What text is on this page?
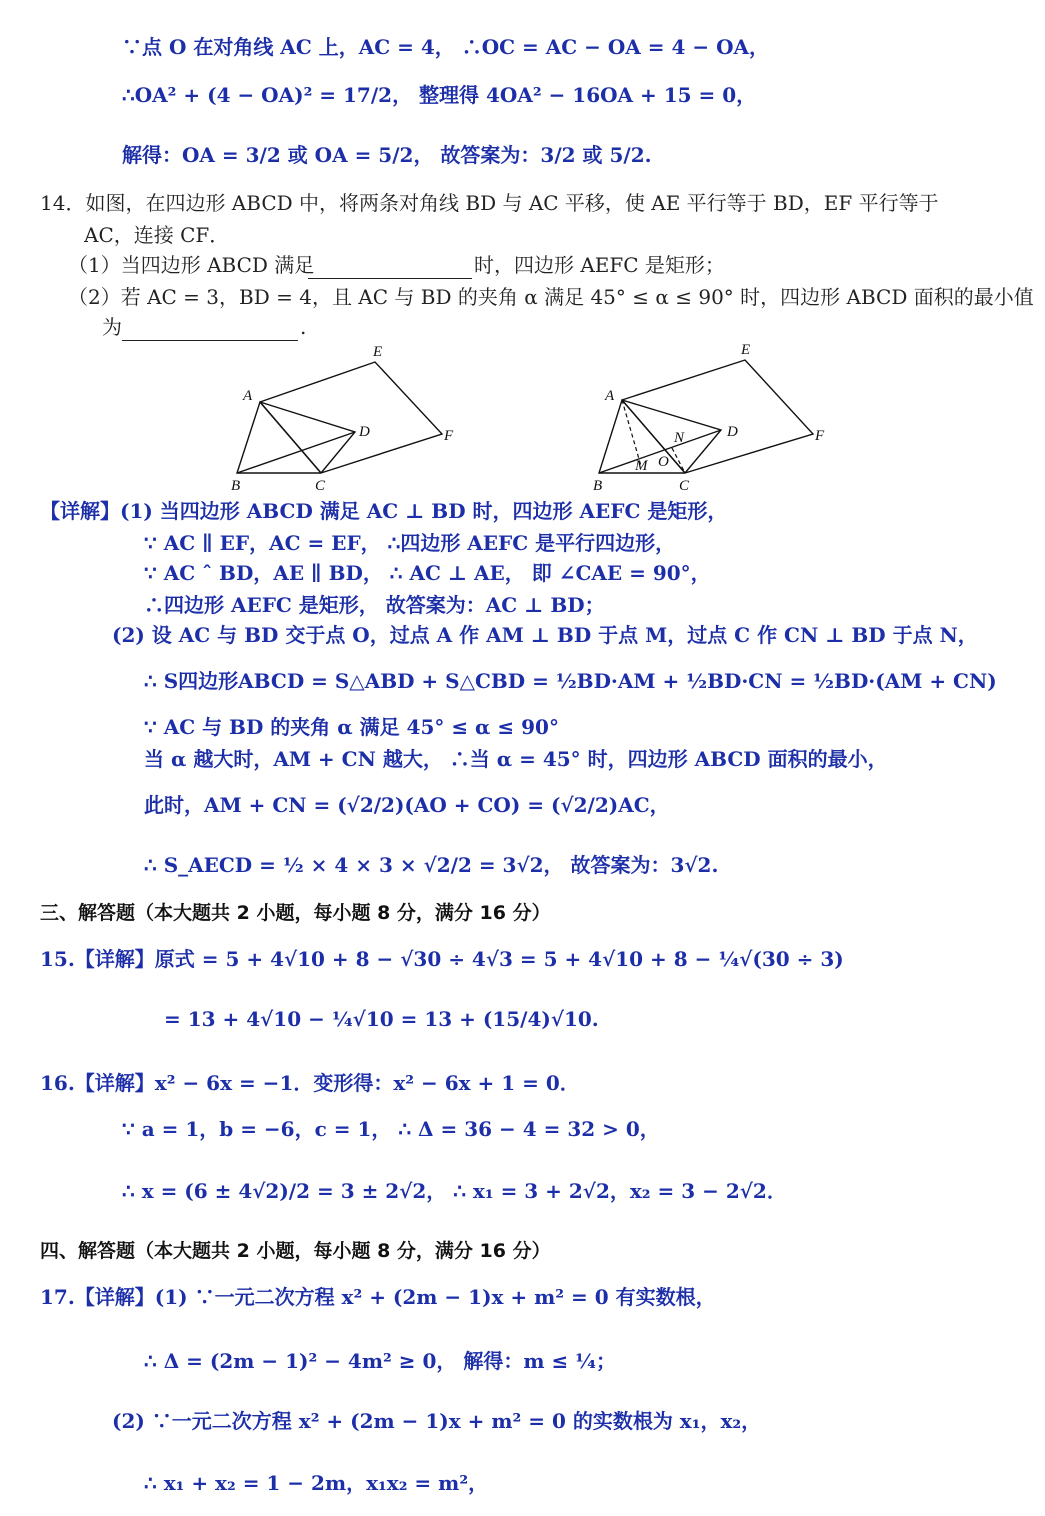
∵点 O 在对角线 AC 上，AC = 4， ∴OC = AC − OA = 4 − OA，
∴OA² + (4 − OA)² = 17/2， 整理得 4OA² − 16OA + 15 = 0，
解得：OA = 3/2 或 OA = 5/2， 故答案为：3/2 或 5/2.
14．如图，在四边形 ABCD 中，将两条对角线 BD 与 AC 平移，使 AE 平行等于 BD，EF 平行等于
AC，连接 CF．
（1）当四边形 ABCD 满足	时，四边形 AEFC 是矩形；
（2）若 AC = 3，BD = 4，且 AC 与 BD 的夹角 α 满足 45° ≤ α ≤ 90° 时，四边形 ABCD 面积的最小值
为	.
【详解】(1) 当四边形 ABCD 满足 AC ⊥ BD 时，四边形 AEFC 是矩形，
∵ AC ∥ EF，AC = EF， ∴四边形 AEFC 是平行四边形，
∵ AC ˆ BD，AE ∥ BD， ∴ AC ⊥ AE， 即 ∠CAE = 90°，
∴四边形 AEFC 是矩形， 故答案为：AC ⊥ BD；
(2) 设 AC 与 BD 交于点 O，过点 A 作 AM ⊥ BD 于点 M，过点 C 作 CN ⊥ BD 于点 N，
∴ S四边形ABCD = S△ABD + S△CBD = ½BD·AM + ½BD·CN = ½BD·(AM + CN)
∵ AC 与 BD 的夹角 α 满足 45° ≤ α ≤ 90°
当 α 越大时，AM + CN 越大， ∴当 α = 45° 时，四边形 ABCD 面积的最小，
此时，AM + CN = (√2/2)(AO + CO) = (√2/2)AC，
∴ S_AECD = ½ × 4 × 3 × √2/2 = 3√2， 故答案为：3√2.
三、解答题（本大题共 2 小题，每小题 8 分，满分 16 分）
15.【详解】原式 = 5 + 4√10 + 8 − √30 ÷ 4√3 = 5 + 4√10 + 8 − ¼√(30 ÷ 3)
= 13 + 4√10 − ¼√10 = 13 + (15/4)√10.
16.【详解】x² − 6x = −1．变形得：x² − 6x + 1 = 0．
∵ a = 1，b = −6，c = 1， ∴ Δ = 36 − 4 = 32 > 0，
∴ x = (6 ± 4√2)/2 = 3 ± 2√2， ∴ x₁ = 3 + 2√2，x₂ = 3 − 2√2．
四、解答题（本大题共 2 小题，每小题 8 分，满分 16 分）
17.【详解】(1) ∵一元二次方程 x² + (2m − 1)x + m² = 0 有实数根，
∴ Δ = (2m − 1)² − 4m² ≥ 0， 解得：m ≤ ¼；
(2) ∵一元二次方程 x² + (2m − 1)x + m² = 0 的实数根为 x₁，x₂，
∴ x₁ + x₂ = 1 − 2m，x₁x₂ = m²，
A
E
F
D
B	C
A
E
F
D
N
O
M
B	C
